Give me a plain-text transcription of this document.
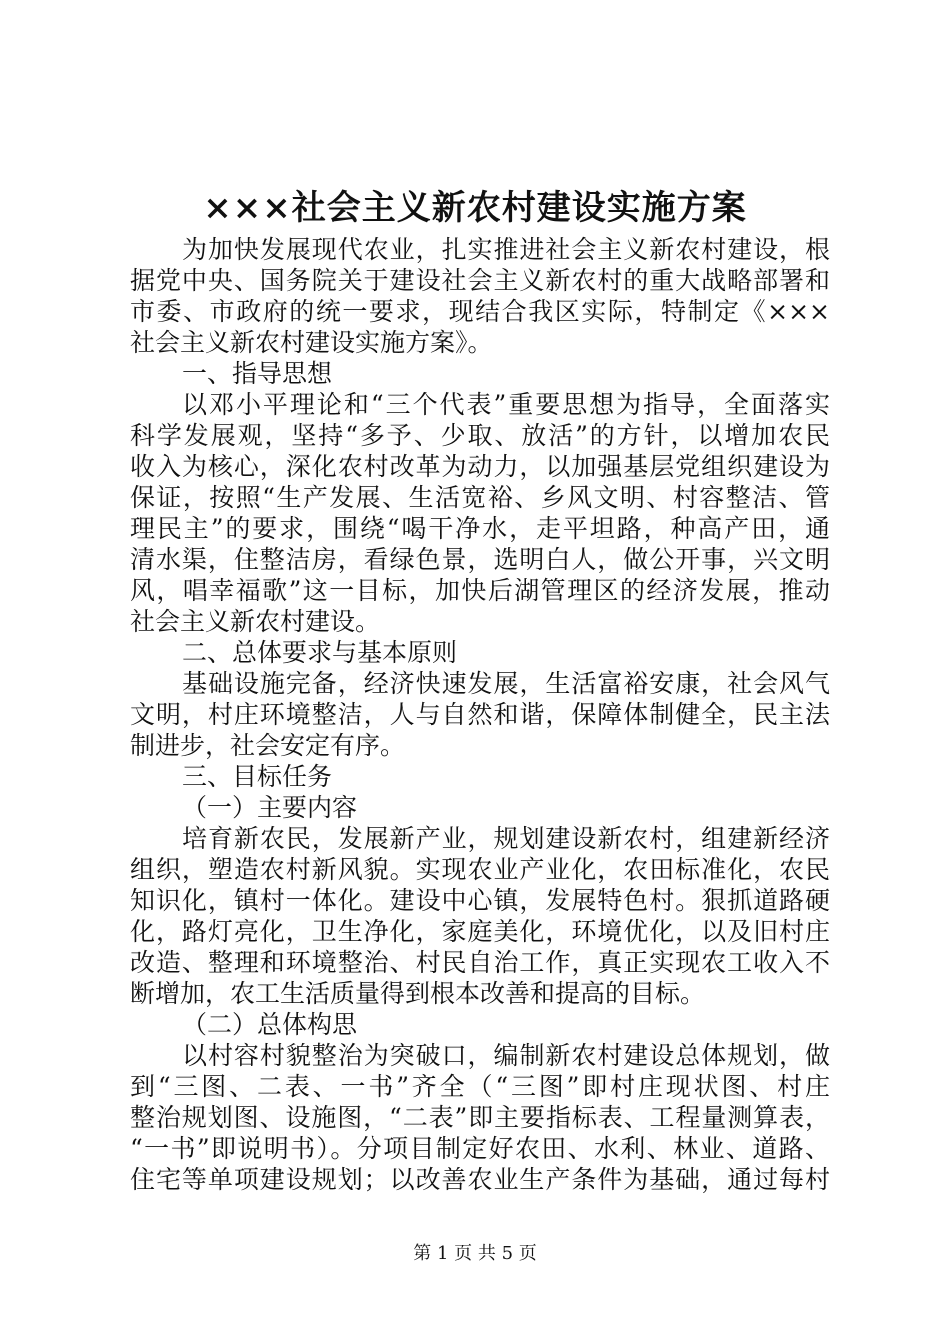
×××社会主义新农村建设实施方案
为加快发展现代农业，扎实推进社会主义新农村建设，根
据党中央、国务院关于建设社会主义新农村的重大战略部署和
市委、市政府的统一要求，现结合我区实际，特制定《×××
社会主义新农村建设实施方案》。
一、指导思想
以邓小平理论和“三个代表”重要思想为指导，全面落实
科学发展观，坚持“多予、少取、放活”的方针，以增加农民
收入为核心，深化农村改革为动力，以加强基层党组织建设为
保证，按照“生产发展、生活宽裕、乡风文明、村容整洁、管
理民主”的要求，围绕“喝干净水，走平坦路，种高产田，通
清水渠，住整洁房，看绿色景，选明白人，做公开事，兴文明
风，唱幸福歌”这一目标，加快后湖管理区的经济发展，推动
社会主义新农村建设。
二、总体要求与基本原则
基础设施完备，经济快速发展，生活富裕安康，社会风气
文明，村庄环境整洁，人与自然和谐，保障体制健全，民主法
制进步，社会安定有序。
三、目标任务
（一）主要内容
培育新农民，发展新产业，规划建设新农村，组建新经济
组织，塑造农村新风貌。实现农业产业化，农田标准化，农民
知识化，镇村一体化。建设中心镇，发展特色村。狠抓道路硬
化，路灯亮化，卫生净化，家庭美化，环境优化，以及旧村庄
改造、整理和环境整治、村民自治工作，真正实现农工收入不
断增加，农工生活质量得到根本改善和提高的目标。
（二）总体构思
以村容村貌整治为突破口，编制新农村建设总体规划，做
到“三图、二表、一书”齐全（“三图”即村庄现状图、村庄
整治规划图、设施图，“二表”即主要指标表、工程量测算表，
“一书”即说明书）。分项目制定好农田、水利、林业、道路、
住宅等单项建设规划；以改善农业生产条件为基础，通过每村
第 1 页 共 5 页
